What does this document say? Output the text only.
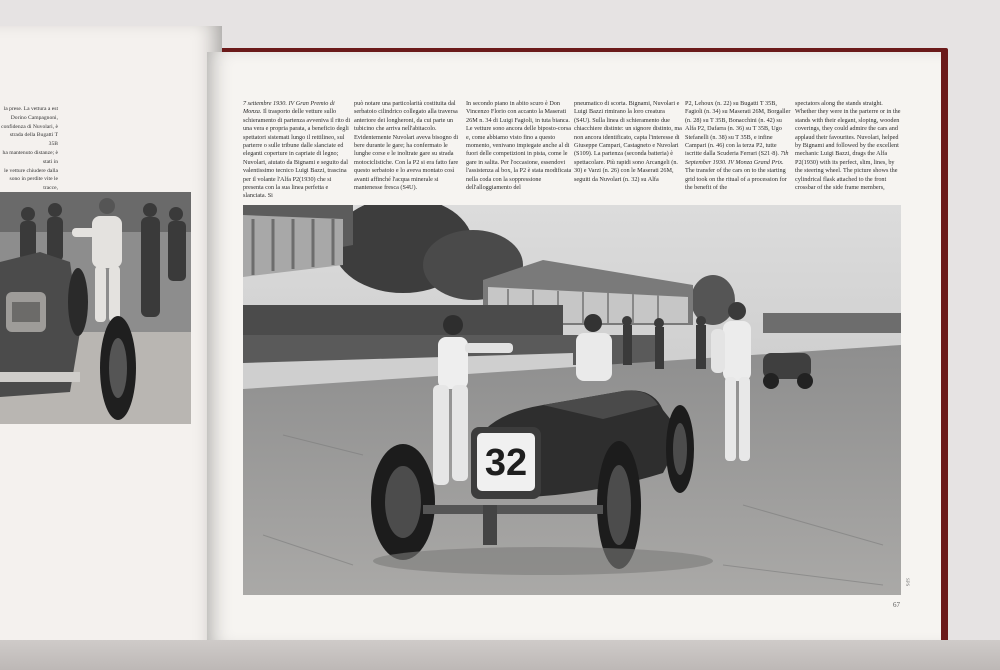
la prese. La vettura a est
Dorino Campagnoni,
confidenza di Nuvolari, è
strada della Bugatti T 35B
ha mantenuto distanze; è stati in
le vetture chiudere dalla
sono in perdite vite le tracce,

7 settembre 1930. IV Gran Premio di Monza. Il trasporto delle vetture sullo schieramento di partenza avveniva il rito di una vera e propria parata, a beneficio degli spettatori sistemati lungo il rettilineo, sul parterre o sulle tribune dalle slanciate ed eleganti coperture in capriate di legno; Nuvolari, aiutato da Bignami e seguito dal valentissimo tecnico Luigi Bazzi, trascina per il volante l'Alfa P2(1930) che si presenta con la sua linea perfetta e slanciata. Si
può notare una particolarità costituita dal serbatoio cilindrico collegato alla traversa anteriore dei longheroni, da cui parte un tubicino che arriva nell'abitacolo. Evidentemente Nuvolari aveva bisogno di bere durante le gare; ha confermato le lunghe corse e le inoltrate gare su strada motociclistiche. Con la P2 si era fatto fare questo serbatoio e lo aveva montato così avanti affinché l'acqua minerale si mantenesse fresca (S4U).
In secondo piano in abito scuro è Don Vincenzo Florio con accanto la Maserati 26M n. 34 di Luigi Fagioli, in tuta bianca. Le vetture sono ancora delle biposto-corsa e, come abbiamo visto fino a questo momento, venivano impiegate anche al di fuori delle competizioni in pista, come le gare in salita. Per l'occasione, essendovi l'assistenza al box, la P2 è stata modificata nella coda con la soppressione dell'alloggiamento del
pneumatico di scorta. Bignami, Nuvolari e Luigi Bazzi rimirano la loro creatura (S4U). Sulla linea di schieramento due chiacchiere distinte: un signore distinto, ma non ancora identificato, capta l'interesse di Giuseppe Campari, Castagneto e Nuvolari (S109). La partenza (seconda batteria) è spettacolare. Più rapidi sono Arcangeli (n. 30) e Varzi (n. 26) con le Maserati 26M, seguiti da Nuvolari (n. 32) su Alfa
P2, Lehoux (n. 22) su Bugatti T 35B, Fagioli (n. 34) su Maserati 26M, Borgaller (n. 28) su T 35B, Bonacchini (n. 42) su Alfa P2, Dafarra (n. 36) su T 35B, Ugo Stefanelli (n. 38) su T 35B, e infine Campari (n. 46) con la terza P2, tutte iscritte dalla Scuderia Ferrari (S21·8). 7th September 1930. IV Monza Grand Prix. The transfer of the cars on to the starting grid took on the ritual of a procession for the benefit of the
spectators along the stands straight. Whether they were in the parterre or in the stands with their elegant, sloping, wooden coverings, they could admire the cars and applaud their favourites. Nuvolari, helped by Bignami and followed by the excellent mechanic Luigi Bazzi, drags the Alfa P2(1930) with its perfect, slim, lines, by the steering wheel. The picture shows the cylindrical flask attached to the front crossbar of the side frame members,
32
SPS
67
